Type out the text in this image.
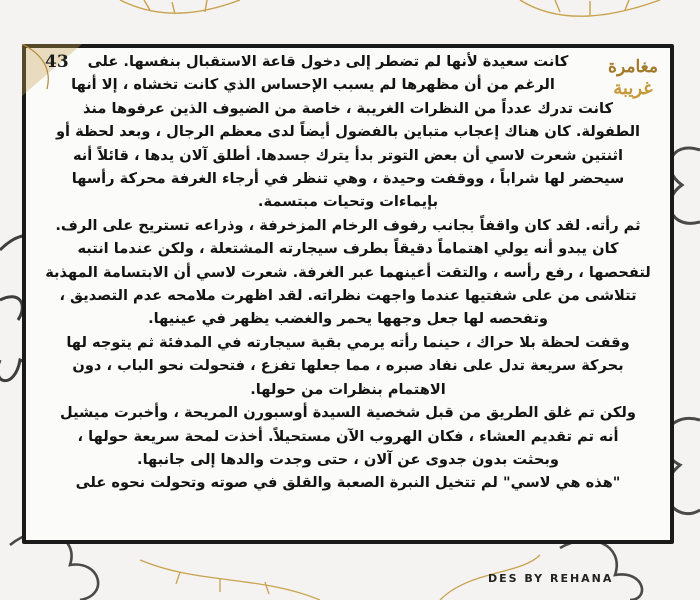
43	مغامرة
غريبة
كانت سعيدة لأنها لم تضطر إلى دخول قاعة الاستقبال بنفسها. على
الرغم من أن مظهرها لم يسبب الإحساس الذي كانت تخشاه ، إلا أنها
كانت تدرك عدداً من النظرات الغريبة ، خاصة من الضيوف الذين عرفوها منذ
الطفولة. كان هناك إعجاب متباين بالفضول أيضاً لدى معظم الرجال ، وبعد لحظة أو
اثنتين شعرت لاسي أن بعض التوتر بدأ يترك جسدها. أطلق آلان يدها ، قائلاً أنه
سيحضر لها شراباً ، ووقفت وحيدة ، وهي تنظر في أرجاء الغرفة محركة رأسها
بإيماءات وتحيات مبتسمة.
ثم رأته. لقد كان واقفاً بجانب رفوف الرخام المزخرفة ، وذراعه تستريح على الرف.
كان يبدو أنه يولي اهتماماً دقيقاً بطرف سيجارته المشتعلة ، ولكن عندما انتبه
لتفحصها ، رفع رأسه ، والتقت أعينهما عبر الغرفة. شعرت لاسي أن الابتسامة المهذبة
تتلاشى من على شفتيها عندما واجهت نظراته. لقد اظهرت ملامحه عدم التصديق ،
وتفحصه لها جعل وجهها يحمر والغضب يظهر في عينيها.
وقفت لحظة بلا حراك ، حينما رأته يرمي بقية سيجارته في المدفئة ثم يتوجه لها
بحركة سريعة تدل على نفاد صبره ، مما جعلها تفزع ، فتحولت نحو الباب ، دون
الاهتمام بنظرات من حولها.
ولكن تم غلق الطريق من قبل شخصية السيدة أوسبورن المريحة ، وأخبرت ميشيل
أنه تم تقديم العشاء ، فكان الهروب الآن مستحيلاً. أخذت لمحة سريعة حولها ،
وبحثت بدون جدوى عن آلان ، حتى وجدت والدها إلى جانبها.
"هذه هي لاسي" لم تتخيل النبرة الصعبة والقلق في صوته وتحولت نحوه على
DES BY REHANA
